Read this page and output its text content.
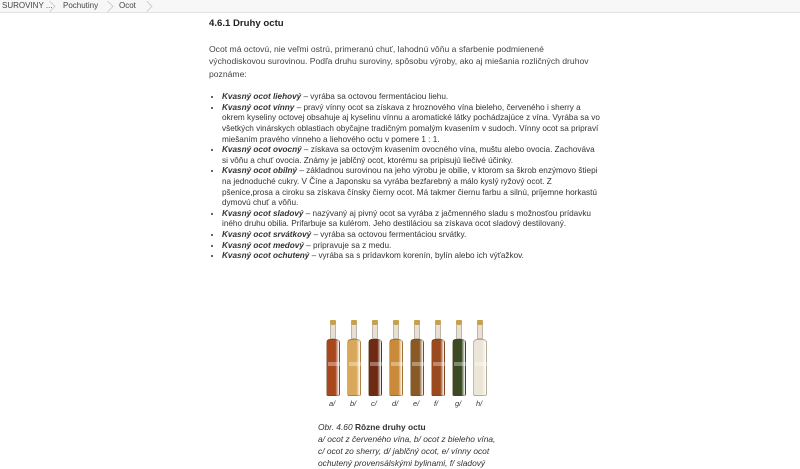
SUROVINY ... Pochutiny	Ocot
4.6.1 Druhy octu

Ocot má octovú, nie veľmi ostrú, primeranú chuť, lahodnú vôňu a sfarbenie podmienené východiskovou surovinou. Podľa druhu suroviny, spôsobu výroby, ako aj miešania rozličných druhov poznáme:

• Kvasný ocot liehový – vyrába sa octovou fermentáciou liehu.
• Kvasný ocot vínny – pravý vínny ocot sa získava z hroznového vína bieleho, červeného i sherry a okrem kyseliny octovej obsahuje aj kyselinu vínnu a aromatické látky pochádzajúce z vína. Vyrába sa vo všetkých vinárskych oblastiach obyčajne tradičným pomalým kvasením v sudoch. Vínny ocot sa pripraví miešaním pravého vínneho a liehového octu v pomere 1 : 1.
• Kvasný ocot ovocný – získava sa octovým kvasením ovocného vína, muštu alebo ovocia. Zachováva si vôňu a chuť ovocia. Známy je jablčný ocot, ktorému sa pripisujú liečivé účinky.
• Kvasný ocot obilný – základnou surovinou na jeho výrobu je obilie, v ktorom sa škrob enzýmovo štiepi na jednoduché cukry. V Číne a Japonsku sa vyrába bezfarebný a málo kyslý ryžový ocot. Z pšenice,prosa a ciroku sa získava čínsky čierny ocot. Má takmer čiernu farbu a silnú, príjemne horkastú dymovú chuť a vôňu.
• Kvasný ocot sladový – nazývaný aj pivný ocot sa vyrába z jačmenného sladu s možnosťou prídavku iného druhu obilia. Prifarbuje sa kulérom. Jeho destiláciou sa získava ocot sladový destilovaný.
• Kvasný ocot srvátkový – vyrába sa octovou fermentáciou srvátky.
• Kvasný ocot medový – pripravuje sa z medu.
• Kvasný ocot ochutený – vyrába sa s prídavkom korenín, bylín alebo ich výťažkov.
a/ b/ c/ d/ e/ f/ g/ h/
Obr. 4.60 Rôzne druhy octu
a/ ocot z červeného vína, b/ ocot z bieleho vína,
c/ ocot zo sherry, d/ jablčný ocot, e/ vínny ocot
ochutený provensálskými bylinami, f/ sladový
